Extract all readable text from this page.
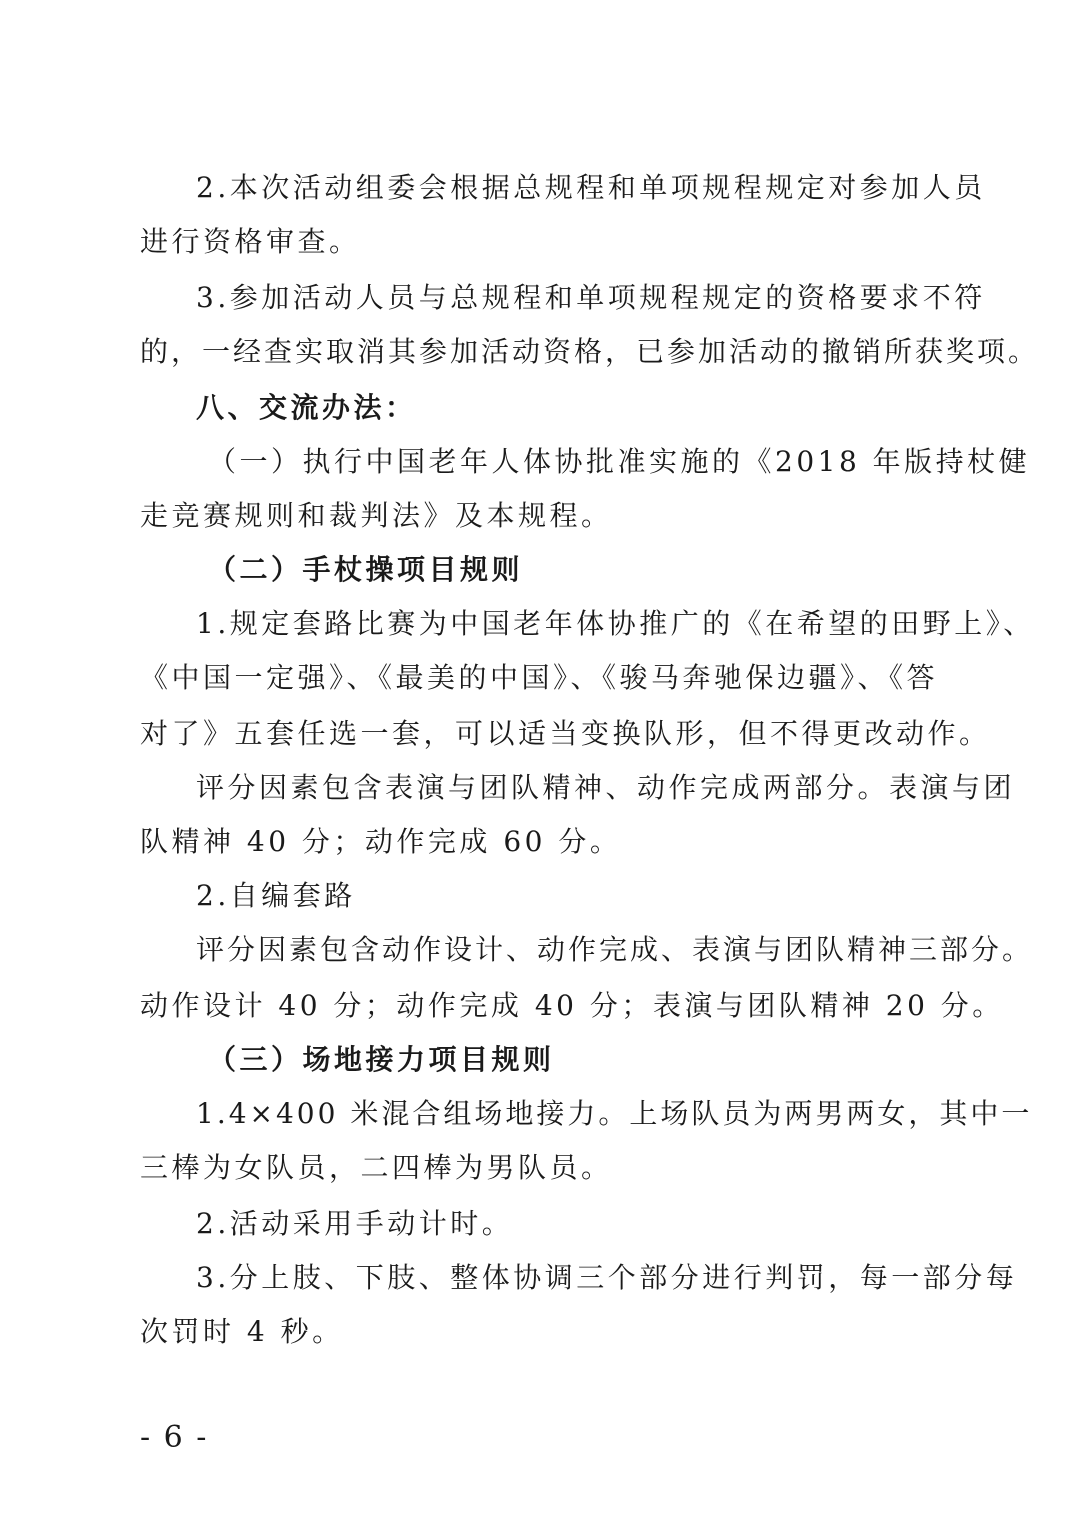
2.本次活动组委会根据总规程和单项规程规定对参加人员
进行资格审查。
3.参加活动人员与总规程和单项规程规定的资格要求不符
的，一经查实取消其参加活动资格，已参加活动的撤销所获奖项。
八、交流办法：
（一）执行中国老年人体协批准实施的《2018 年版持杖健
走竞赛规则和裁判法》及本规程。
（二）手杖操项目规则
1.规定套路比赛为中国老年体协推广的《在希望的田野上》、
《中国一定强》、《最美的中国》、《骏马奔驰保边疆》、《答
对了》五套任选一套，可以适当变换队形，但不得更改动作。
评分因素包含表演与团队精神、动作完成两部分。表演与团
队精神 40 分；动作完成 60 分。
2.自编套路
评分因素包含动作设计、动作完成、表演与团队精神三部分。
动作设计 40 分；动作完成 40 分；表演与团队精神 20 分。
（三）场地接力项目规则
1.4×400 米混合组场地接力。上场队员为两男两女，其中一
三棒为女队员，二四棒为男队员。
2.活动采用手动计时。
3.分上肢、下肢、整体协调三个部分进行判罚，每一部分每
次罚时 4 秒。
- 6 -
